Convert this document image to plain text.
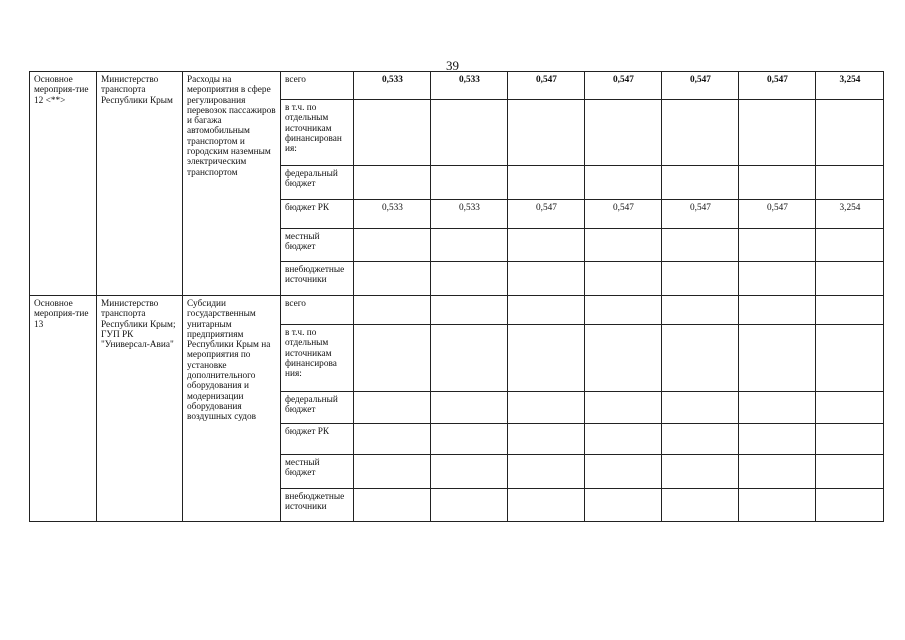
39
Основное мероприя-тие 12 <**>	Министерство транспорта Республики Крым	Расходы на мероприятия в сфере регулирования перевозок пассажиров и багажа автомобильным транспортом и городским наземным электрическим транспортом	всего	0,533	0,533	0,547	0,547	0,547	0,547	3,254
			в т.ч. по отдельным источникам финансирован ия:							
			федеральный бюджет							
			бюджет РК	0,533	0,533	0,547	0,547	0,547	0,547	3,254
			местный бюджет							
			внебюджетные источники							
Основное мероприя-тие 13	Министерство транспорта Республики Крым; ГУП РК "Универсал-Авиа"	Субсидии государственным унитарным предприятиям Республики Крым на мероприятия по установке дополнительного оборудования и модернизации оборудования воздушных судов	всего							
			в т.ч. по отдельным источникам финансирова ния:							
			федеральный бюджет							
			бюджет РК							
			местный бюджет							
			внебюджетные источники							
